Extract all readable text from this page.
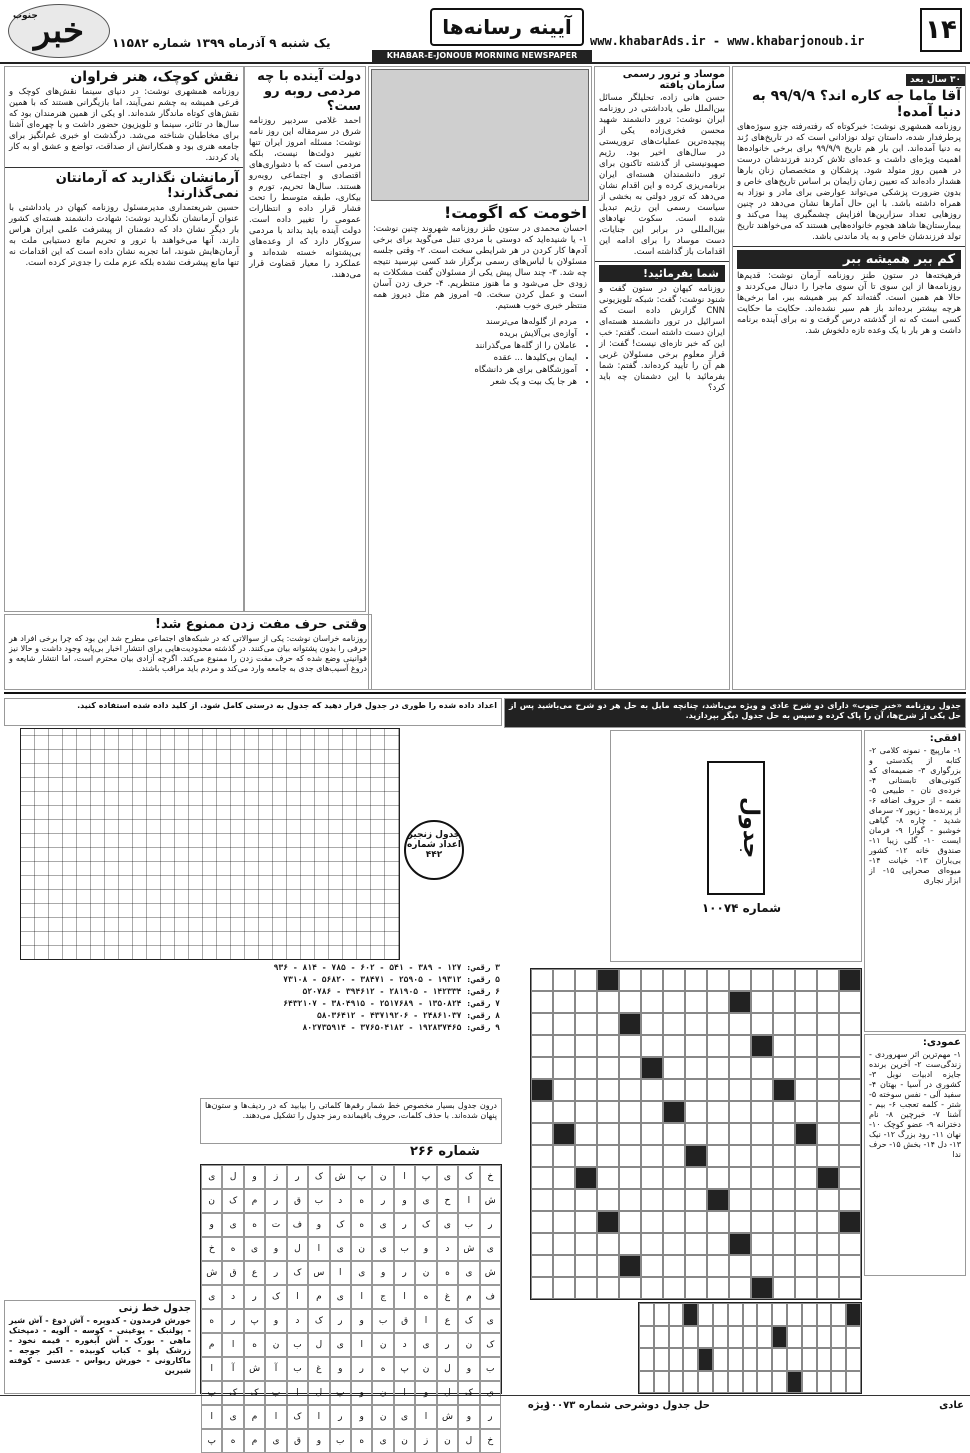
۱۴
www.khabarAds.ir - www.khabarjonoub.ir
آیینه رسانه‌ها
KHABAR-E-JONOUB MORNING NEWSPAPER
خبر
جنوب
یک شنبه ۹ آذرماه ۱۳۹۹ شماره ۱۱۵۸۲
۳۰ سال بعد
آقا ماما جه کاره اند؟ ۹۹/۹/۹ به دنیا آمده!
روزنامه همشهری نوشت: خبرکوتاه که رفته‌رفته جزو سوژه‌های پرطرفدار شده، داستان تولد نوزادانی است که در تاریخ‌های رُند به دنیا آمده‌اند. این بار هم تاریخ ۹۹/۹/۹ برای برخی خانواده‌ها اهمیت ویژه‌ای داشت و عده‌ای تلاش کردند فرزندشان درست در همین روز متولد شود. پزشکان و متخصصان زنان بارها هشدار داده‌اند که تعیین زمان زایمان بر اساس تاریخ‌های خاص و بدون ضرورت پزشکی می‌تواند عوارضی برای مادر و نوزاد به همراه داشته باشد. با این حال آمارها نشان می‌دهد در چنین روزهایی تعداد سزارین‌ها افزایش چشمگیری پیدا می‌کند و بیمارستان‌ها شاهد هجوم خانواده‌هایی هستند که می‌خواهند تاریخ تولد فرزندشان خاص و به یاد ماندنی باشد.
کم ببر همیشه ببر
فرهیخته‌ها در ستون طنز روزنامه آرمان نوشت: قدیم‌ها روزنامه‌ها از این سوی تا آن سوی ماجرا را دنبال می‌کردند و حالا هم همین است. گفته‌اند کم ببر همیشه ببر، اما برخی‌ها هرچه بیشتر برده‌اند باز هم سیر نشده‌اند. حکایت ما حکایت کسی است که نه از گذشته درس گرفت و نه برای آینده برنامه داشت و هر بار با یک وعده تازه دلخوش شد.
موساد و ترور رسمی سازمان یافته
حسن هانی زاده، تحلیلگر مسائل بین‌الملل طی یادداشتی در روزنامه ایران نوشت: ترور دانشمند شهید محسن فخری‌زاده یکی از پیچیده‌ترین عملیات‌های تروریستی در سال‌های اخیر بود. رژیم صهیونیستی از گذشته تاکنون برای ترور دانشمندان هسته‌ای ایران برنامه‌ریزی کرده و این اقدام نشان می‌دهد که ترور دولتی به بخشی از سیاست رسمی این رژیم تبدیل شده است. سکوت نهادهای بین‌المللی در برابر این جنایات، دست موساد را برای ادامه این اقدامات باز گذاشته است.
شما بفرمائید!
روزنامه کیهان در ستون گفت و شنود نوشت: گفت: شبکه تلویزیونی CNN گزارش داده است که اسرائیل در ترور دانشمند هسته‌ای ایران دست داشته است. گفتم: خب این که خبر تازه‌ای نیست! گفت: از قرار معلوم برخی مسئولان غربی هم آن را تأیید کرده‌اند. گفتم: شما بفرمائید با این دشمنان چه باید کرد؟
اخومت که اگومت!
احسان محمدی در ستون طنز روزنامه شهروند چنین نوشت: ۱- یا شنیده‌اید که دوستی با مردی تنبل می‌گوید برای برخی آدم‌ها کار کردن در هر شرایطی سخت است. ۲- وقتی جلسه مسئولان با لباس‌های رسمی برگزار شد کسی نپرسید نتیجه چه شد. ۳- چند سال پیش یکی از مسئولان گفت مشکلات به زودی حل می‌شود و ما هنوز منتظریم. ۴- حرف زدن آسان است و عمل کردن سخت. ۵- امروز هم مثل دیروز همه منتظر خبری خوب هستیم.
• مردم از گلوله‌ها می‌ترسند
• آوازه‌ی بی‌آلایش بریده
• عاملان را از گله‌ها می‌گذرانند
• ایمان بی‌کلیدها ... عقده
• آموزشگاهی برای هر دانشگاه
• هر جا یک بیت و یک شعر
دولت آینده با چه مردمی روبه رو ست؟
احمد غلامی سردبیر روزنامه شرق در سرمقاله این روز نامه نوشت: مسئله امروز ایران تنها تغییر دولت‌ها نیست، بلکه مردمی است که با دشواری‌های اقتصادی و اجتماعی روبه‌رو هستند. سال‌ها تحریم، تورم و بیکاری، طبقه متوسط را تحت فشار قرار داده و انتظارات عمومی را تغییر داده است. دولت آینده باید بداند با مردمی سروکار دارد که از وعده‌های بی‌پشتوانه خسته شده‌اند و عملکرد را معیار قضاوت قرار می‌دهند.
نقش کوچک، هنر فراوان
روزنامه همشهری نوشت: در دنیای سینما نقش‌های کوچک و فرعی همیشه به چشم نمی‌آیند، اما بازیگرانی هستند که با همین نقش‌های کوتاه ماندگار شده‌اند. او یکی از همین هنرمندان بود که سال‌ها در تئاتر، سینما و تلویزیون حضور داشت و با چهره‌ای آشنا برای مخاطبان شناخته می‌شد. درگذشت او خبری غم‌انگیز برای جامعه هنری بود و همکارانش از صداقت، تواضع و عشق او به کار یاد کردند.
آرمانشان نگذارید که آرمانتان نمی‌گذارند!
حسین شریعتمداری مدیرمسئول روزنامه کیهان در یادداشتی با عنوان آرمانشان نگذارید نوشت: شهادت دانشمند هسته‌ای کشور بار دیگر نشان داد که دشمنان از پیشرفت علمی ایران هراس دارند. آنها می‌خواهند با ترور و تحریم مانع دستیابی ملت به آرمان‌هایش شوند، اما تجربه نشان داده است که این اقدامات نه تنها مانع پیشرفت نشده بلکه عزم ملت را جدی‌تر کرده است.
وقتی حرف مفت زدن ممنوع شد!
روزنامه خراسان نوشت: یکی از سوالاتی که در شبکه‌های اجتماعی مطرح شد این بود که چرا برخی افراد هر حرفی را بدون پشتوانه بیان می‌کنند. در گذشته محدودیت‌هایی برای انتشار اخبار بی‌پایه وجود داشت و حالا نیز قوانینی وضع شده که حرف مفت زدن را ممنوع می‌کند. اگرچه آزادی بیان محترم است، اما انتشار شایعه و دروغ آسیب‌های جدی به جامعه وارد می‌کند و مردم باید مراقب باشند.
جدول روزنامه «خبر جنوب» دارای دو شرح عادی و ویژه می‌باشد، چنانچه مایل به حل هر دو شرح می‌باشید پس از حل یکی از شرح‌ها، آن را پاک کرده و سپس به حل جدول دیگر بپردازید.
افقی:
۱- مارپیچ - نمونه کلامی ۲- کتابه از یکدستی و بزرگواری ۳- ضمیمه‌ای که کتونی‌های تابستانی ۴- خرده‌ی نان - طبیعی ۵- نغمه - از حروف اضافه ۶- از پرنده‌ها - زیور ۷- سرمای شدید - چاره ۸- گیاهی خوشبو - گوارا ۹- فرمان ایست ۱۰- گلی زیبا ۱۱- صندوق خانه ۱۲- کشور بی‌باران ۱۳- خیانت ۱۴- میوه‌ای صحرایی ۱۵- از ابزار نجاری
عمودی:
۱- مهم‌ترین اثر سهروردی - زندگی‌ست ۲- آخرین برنده جایزه ادبیات نوبل ۳- کشوری در آسیا - بهتان ۴- سفید آلی - نفس سوخته ۵- شتر - کلمه تعجب ۶- بیم - آشنا ۷- خبرچین ۸- نام دخترانه ۹- عضو کوچک ۱۰- نهان ۱۱- رود بزرگ ۱۲- نیک ۱۳- دل ۱۴- بخش ۱۵- حرف ندا
جدول
شماره ۱۰۰۷۴
اعداد داده شده را طوری در جدول قرار دهید که جدول به درستی کامل شود. از کلید داده شده استفاده کنید.
جدول زنجیر اعداد شماره ۴۴۲
۳ رقمی: ۱۲۷ - ۳۸۹ - ۵۴۱ - ۶۰۲ - ۷۸۵ - ۸۱۴ - ۹۳۶
۵ رقمی: ۱۹۳۱۲ - ۲۵۹۰۵ - ۳۸۴۷۱ - ۵۶۸۲۰ - ۷۳۱۰۸
۶ رقمی: ۱۴۲۳۳۴ - ۲۸۱۹۰۵ - ۳۹۴۶۱۲ - ۵۲۰۷۸۶
۷ رقمی: ۱۳۵۰۸۲۴ - ۲۵۱۷۶۸۹ - ۳۸۰۴۹۱۵ - ۶۴۳۲۱۰۷
۸ رقمی: ۲۴۸۶۱۰۳۷ - ۴۳۷۱۹۲۰۶ - ۵۸۰۳۶۴۱۲
۹ رقمی: ۱۹۲۸۳۷۴۶۵ - ۳۷۶۵۰۴۱۸۲ - ۸۰۲۷۳۵۹۱۴
درون جدول بسیار مخصوص خط شمار رقم‌ها کلماتی را بیابید که در ردیف‌ها و ستون‌ها پنهان شده‌اند. با حذف کلمات، حروف باقیمانده رمز جدول را تشکیل می‌دهند.
شماره ۲۶۶
خ
ک
ی
پ
ا
ن
پ
ش
ک
ر
ز
و
ل
ی
ش
ا
ح
ی
و
ر
ه
د
ب
ق
ر
م
ک
ن
ر
ب
ی
ک
ر
ی
ه
ک
و
ف
ت
ه
ی
و
ی
ش
د
و
ب
ی
ن
ی
ا
ل
و
ی
ه
خ
ش
ی
ه
ن
ر
و
ی
ا
س
ک
ر
ع
ق
ش
ف
م
غ
ه
ا
ج
ا
ی
م
ا
ک
ر
د
ی
ی
ک
ع
ا
ق
ب
و
ر
ک
د
و
پ
ر
ه
ک
ن
ر
ی
د
ن
ا
ی
ل
ب
ن
ه
ا
م
ب
و
ل
ن
پ
ه
ر
و
غ
ب
آ
ش
آ
ا
ی
ک
ل
و
ا
ن
و
پ
ل
ا
ب
ک
ک
ب
ر
و
ش
ا
ی
ن
و
ر
ا
ک
ا
م
ی
ا
خ
ل
ن
ز
ن
ی
ه
ب
و
ق
ی
م
ه
پ
جدول خط زنی
خورش قرمدون - کدوپره - آش دوغ - آش شیر - پولنبک - یوغینی - کوسه - آلویه - دمپختک ماهی - بورک - آش آبغوره - قیمه نخود - زرشک پلو - کباب کوبیده - اکبر جوجه - ماکارونی - خورش ریواس - عدسی - کوفته شیرین
عادی
حل جدول دوشرحی شماره ۱۰۰۷۳
ویژه
